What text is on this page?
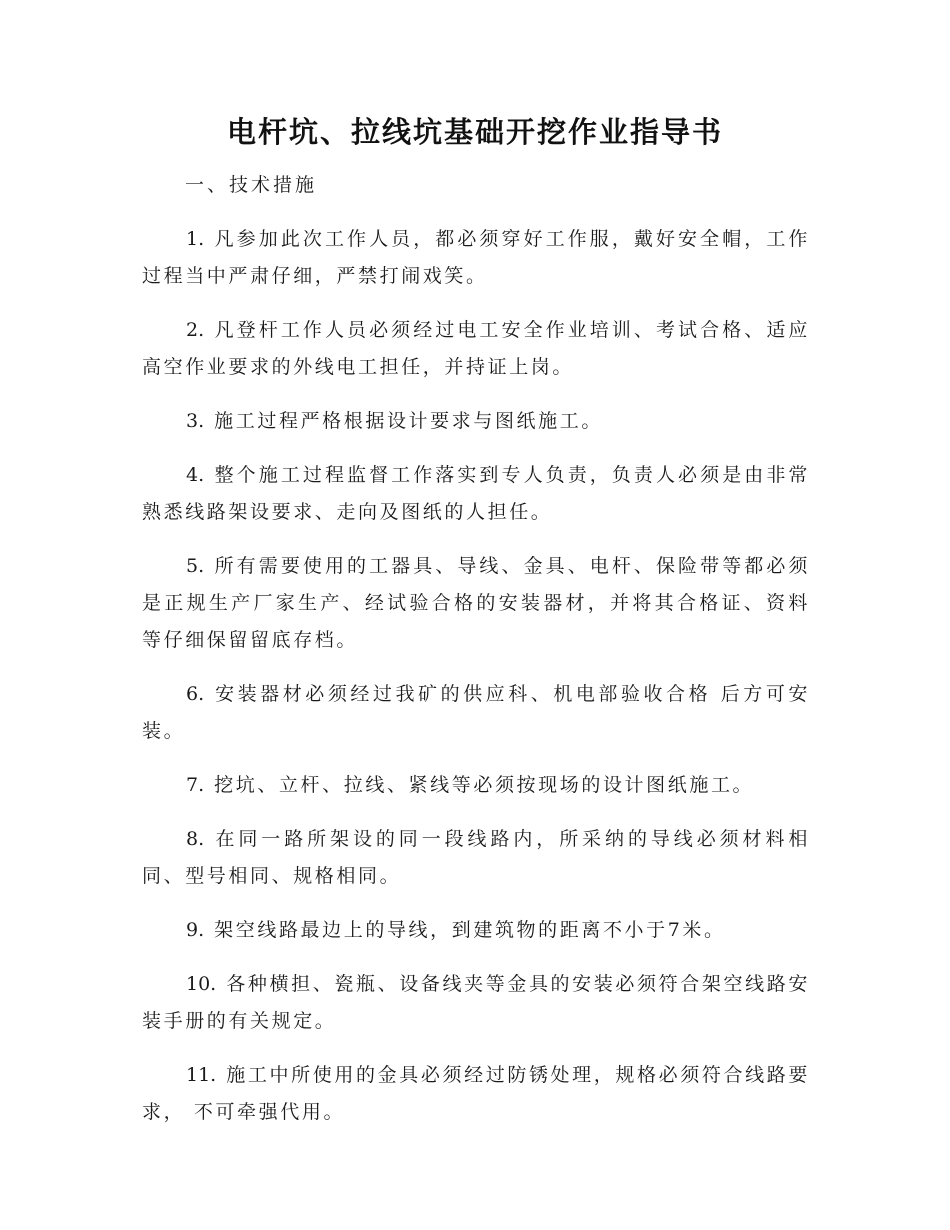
电杆坑、拉线坑基础开挖作业指导书
一、技术措施

1. 凡参加此次工作人员，都必须穿好工作服，戴好安全帽，工作过程当中严肃仔细，严禁打闹戏笑。

2. 凡登杆工作人员必须经过电工安全作业培训、考试合格、适应高空作业要求的外线电工担任，并持证上岗。

3. 施工过程严格根据设计要求与图纸施工。

4. 整个施工过程监督工作落实到专人负责，负责人必须是由非常熟悉线路架设要求、走向及图纸的人担任。

5. 所有需要使用的工器具、导线、金具、电杆、保险带等都必须是正规生产厂家生产、经试验合格的安装器材，并将其合格证、资料等仔细保留留底存档。

6. 安装器材必须经过我矿的供应科、机电部验收合格 后方可安装。

7. 挖坑、立杆、拉线、紧线等必须按现场的设计图纸施工。

8. 在同一路所架设的同一段线路内，所采纳的导线必须材料相同、型号相同、规格相同。

9. 架空线路最边上的导线，到建筑物的距离不小于7米。

10. 各种横担、瓷瓶、设备线夹等金具的安装必须符合架空线路安装手册的有关规定。

11. 施工中所使用的金具必须经过防锈处理，规格必须符合线路要求， 不可牵强代用。
